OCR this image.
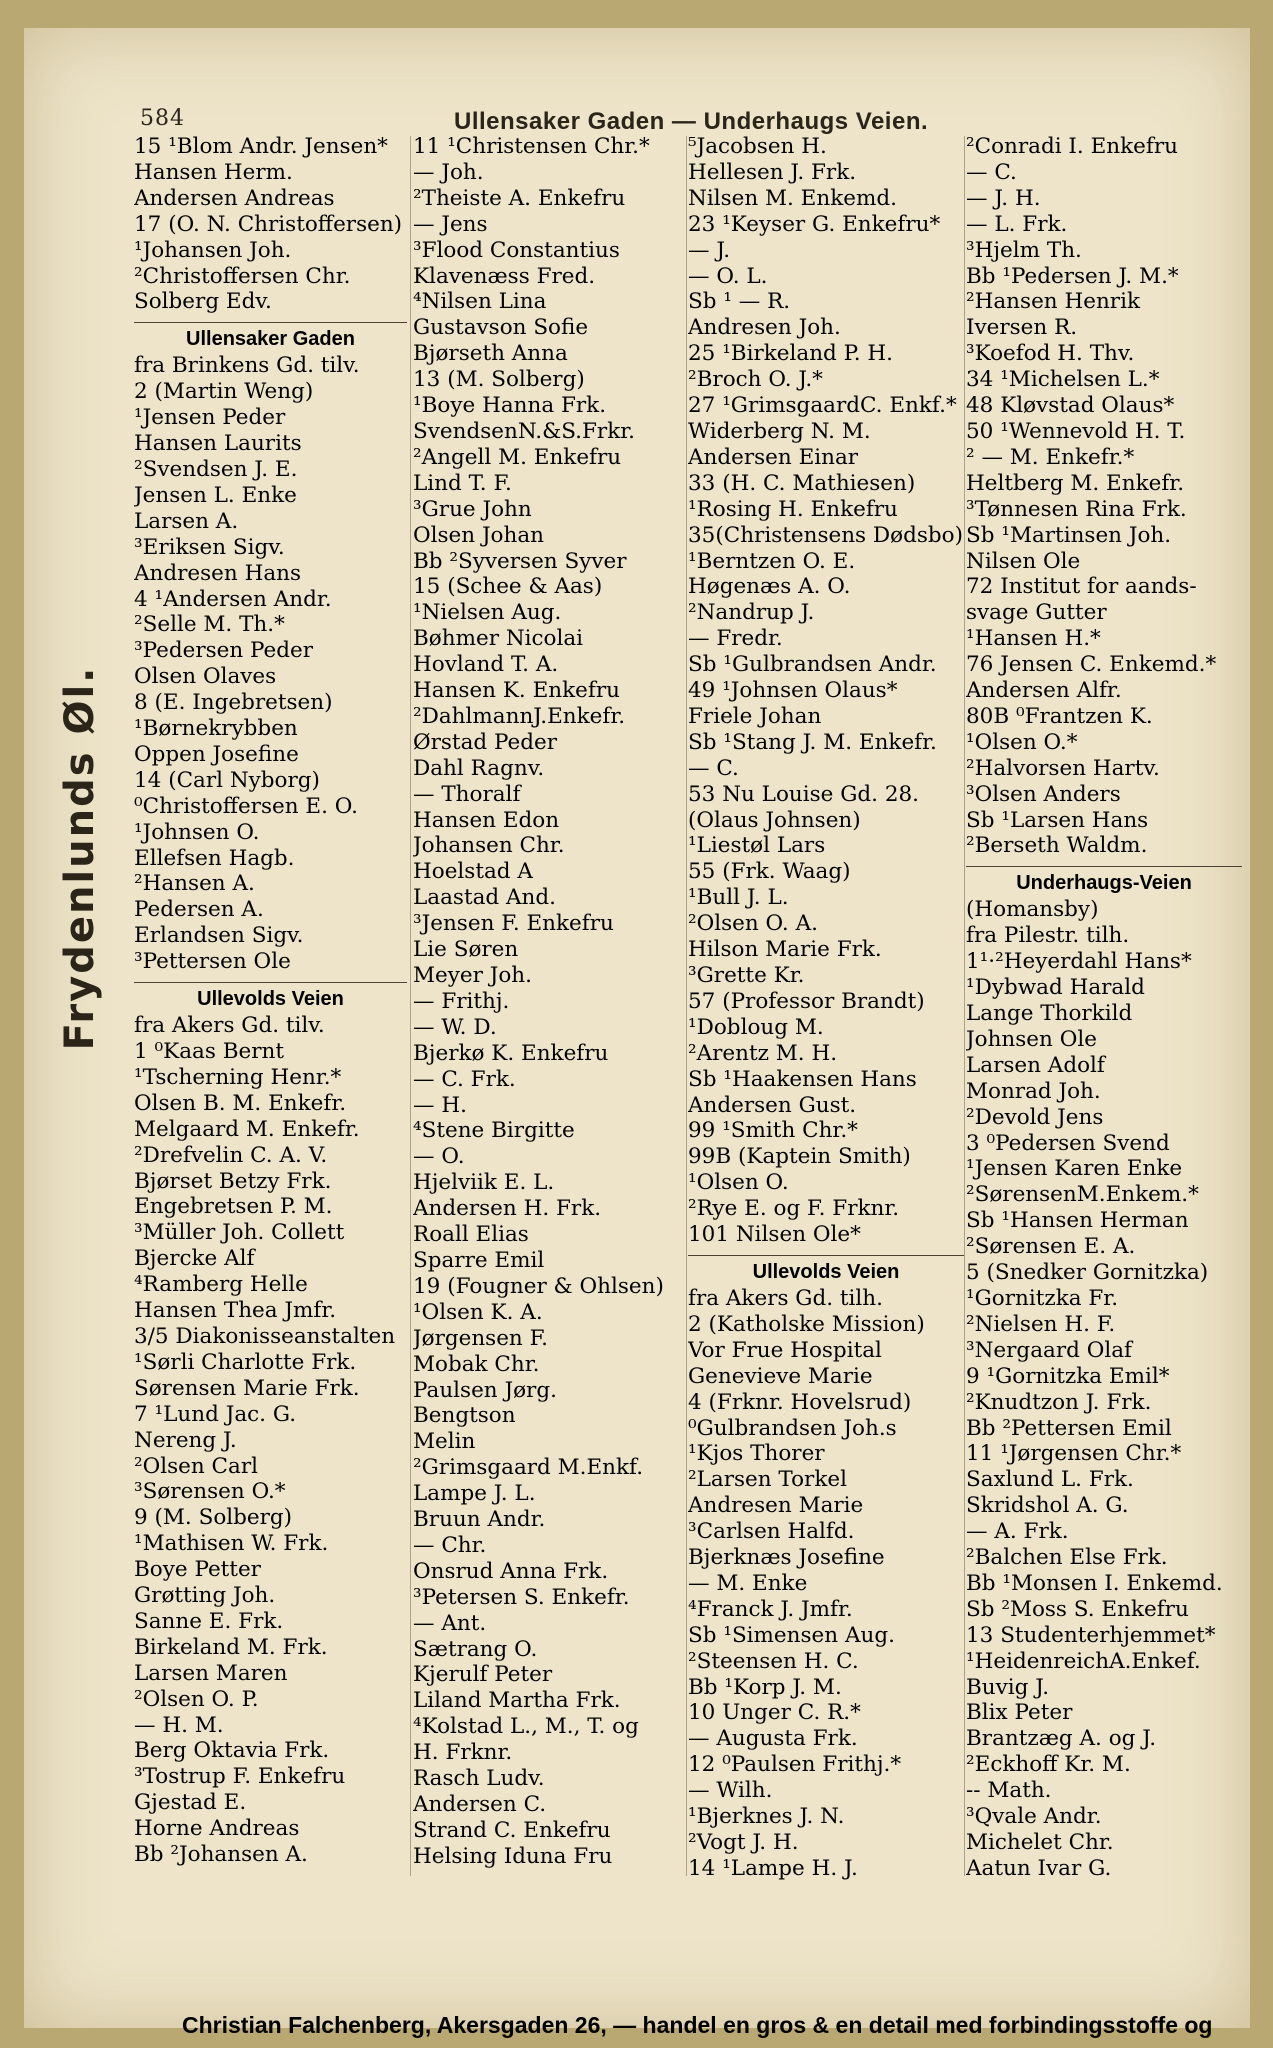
584	Ullensaker Gaden — Underhaugs Veien.
Frydenlunds Øl.
15 ¹Blom Andr. Jensen*
Hansen Herm.
Andersen Andreas
17 (O. N. Christoffersen)
¹Johansen Joh.
²Christoffersen Chr.
Solberg Edv.
Ullensaker Gaden
fra Brinkens Gd. tilv.
2 (Martin Weng)
¹Jensen Peder
Hansen Laurits
²Svendsen J. E.
Jensen L. Enke
Larsen A.
³Eriksen Sigv.
Andresen Hans
4 ¹Andersen Andr.
²Selle M. Th.*
³Pedersen Peder
Olsen Olaves
8 (E. Ingebretsen)
¹Børnekrybben
Oppen Josefine
14 (Carl Nyborg)
⁰Christoffersen E. O.
¹Johnsen O.
Ellefsen Hagb.
²Hansen A.
Pedersen A.
Erlandsen Sigv.
³Pettersen Ole
Ullevolds Veien
fra Akers Gd. tilv.
1 ⁰Kaas Bernt
¹Tscherning Henr.*
Olsen B. M. Enkefr.
Melgaard M. Enkefr.
²Drefvelin C. A. V.
Bjørset Betzy Frk.
Engebretsen P. M.
³Müller Joh. Collett
Bjercke Alf
⁴Ramberg Helle
Hansen Thea Jmfr.
3/5 Diakonisseanstalten
¹Sørli Charlotte Frk.
Sørensen Marie Frk.
7 ¹Lund Jac. G.
Nereng J.
²Olsen Carl
³Sørensen O.*
9 (M. Solberg)
¹Mathisen W. Frk.
Boye Petter
Grøtting Joh.
Sanne E. Frk.
Birkeland M. Frk.
Larsen Maren
²Olsen O. P.
— H. M.
Berg Oktavia Frk.
³Tostrup F. Enkefru
Gjestad E.
Horne Andreas
Bb ²Johansen A.
11 ¹Christensen Chr.*
— Joh.
²Theiste A. Enkefru
— Jens
³Flood Constantius
Klavenæss Fred.
⁴Nilsen Lina
Gustavson Sofie
Bjørseth Anna
13 (M. Solberg)
¹Boye Hanna Frk.
SvendsenN.&S.Frkr.
²Angell M. Enkefru
Lind T. F.
³Grue John
Olsen Johan
Bb ²Syversen Syver
15 (Schee & Aas)
¹Nielsen Aug.
Bøhmer Nicolai
Hovland T. A.
Hansen K. Enkefru
²DahlmannJ.Enkefr.
Ørstad Peder
Dahl Ragnv.
— Thoralf
Hansen Edon
Johansen Chr.
Hoelstad A
Laastad And.
³Jensen F. Enkefru
Lie Søren
Meyer Joh.
— Frithj.
— W. D.
Bjerkø K. Enkefru
— C. Frk.
— H.
⁴Stene Birgitte
— O.
Hjelviik E. L.
Andersen H. Frk.
Roall Elias
Sparre Emil
19 (Fougner & Ohlsen)
¹Olsen K. A.
Jørgensen F.
Mobak Chr.
Paulsen Jørg.
Bengtson
Melin
²Grimsgaard M.Enkf.
Lampe J. L.
Bruun Andr.
— Chr.
Onsrud Anna Frk.
³Petersen S. Enkefr.
— Ant.
Sætrang O.
Kjerulf Peter
Liland Martha Frk.
⁴Kolstad L., M., T. og
H. Frknr.
Rasch Ludv.
Andersen C.
Strand C. Enkefru
Helsing Iduna Fru
⁵Jacobsen H.
Hellesen J. Frk.
Nilsen M. Enkemd.
23 ¹Keyser G. Enkefru*
— J.
— O. L.
Sb ¹ — R.
Andresen Joh.
25 ¹Birkeland P. H.
²Broch O. J.*
27 ¹GrimsgaardC. Enkf.*
Widerberg N. M.
Andersen Einar
33 (H. C. Mathiesen)
¹Rosing H. Enkefru
35(Christensens Dødsbo)
¹Berntzen O. E.
Høgenæs A. O.
²Nandrup J.
— Fredr.
Sb ¹Gulbrandsen Andr.
49 ¹Johnsen Olaus*
Friele Johan
Sb ¹Stang J. M. Enkefr.
— C.
53 Nu Louise Gd. 28.
(Olaus Johnsen)
¹Liestøl Lars
55 (Frk. Waag)
¹Bull J. L.
²Olsen O. A.
Hilson Marie Frk.
³Grette Kr.
57 (Professor Brandt)
¹Dobloug M.
²Arentz M. H.
Sb ¹Haakensen Hans
Andersen Gust.
99 ¹Smith Chr.*
99B (Kaptein Smith)
¹Olsen O.
²Rye E. og F. Frknr.
101 Nilsen Ole*
Ullevolds Veien
fra Akers Gd. tilh.
2 (Katholske Mission)
Vor Frue Hospital
Genevieve Marie
4 (Frknr. Hovelsrud)
⁰Gulbrandsen Joh.s
¹Kjos Thorer
²Larsen Torkel
Andresen Marie
³Carlsen Halfd.
Bjerknæs Josefine
— M. Enke
⁴Franck J. Jmfr.
Sb ¹Simensen Aug.
²Steensen H. C.
Bb ¹Korp J. M.
10 Unger C. R.*
— Augusta Frk.
12 ⁰Paulsen Frithj.*
— Wilh.
¹Bjerknes J. N.
²Vogt J. H.
14 ¹Lampe H. J.
²Conradi I. Enkefru
— C.
— J. H.
— L. Frk.
³Hjelm Th.
Bb ¹Pedersen J. M.*
²Hansen Henrik
Iversen R.
³Koefod H. Thv.
34 ¹Michelsen L.*
48 Kløvstad Olaus*
50 ¹Wennevold H. T.
² — M. Enkefr.*
Heltberg M. Enkefr.
³Tønnesen Rina Frk.
Sb ¹Martinsen Joh.
Nilsen Ole
72 Institut for aands-
svage Gutter
¹Hansen H.*
76 Jensen C. Enkemd.*
Andersen Alfr.
80B ⁰Frantzen K.
¹Olsen O.*
²Halvorsen Hartv.
³Olsen Anders
Sb ¹Larsen Hans
²Berseth Waldm.
Underhaugs-Veien
(Homansby)
fra Pilestr. tilh.
1¹·²Heyerdahl Hans*
¹Dybwad Harald
Lange Thorkild
Johnsen Ole
Larsen Adolf
Monrad Joh.
²Devold Jens
3 ⁰Pedersen Svend
¹Jensen Karen Enke
²SørensenM.Enkem.*
Sb ¹Hansen Herman
²Sørensen E. A.
5 (Snedker Gornitzka)
¹Gornitzka Fr.
²Nielsen H. F.
³Nergaard Olaf
9 ¹Gornitzka Emil*
²Knudtzon J. Frk.
Bb ²Pettersen Emil
11 ¹Jørgensen Chr.*
Saxlund L. Frk.
Skridshol A. G.
— A. Frk.
²Balchen Else Frk.
Bb ¹Monsen I. Enkemd.
Sb ²Moss S. Enkefru
13 Studenterhjemmet*
¹HeidenreichA.Enkef.
Buvig J.
Blix Peter
Brantzæg A. og J.
²Eckhoff Kr. M.
-- Math.
³Qvale Andr.
Michelet Chr.
Aatun Ivar G.
Christian Falchenberg, Akersgaden 26, — handel en gros & en detail med forbindingsstoffe og
